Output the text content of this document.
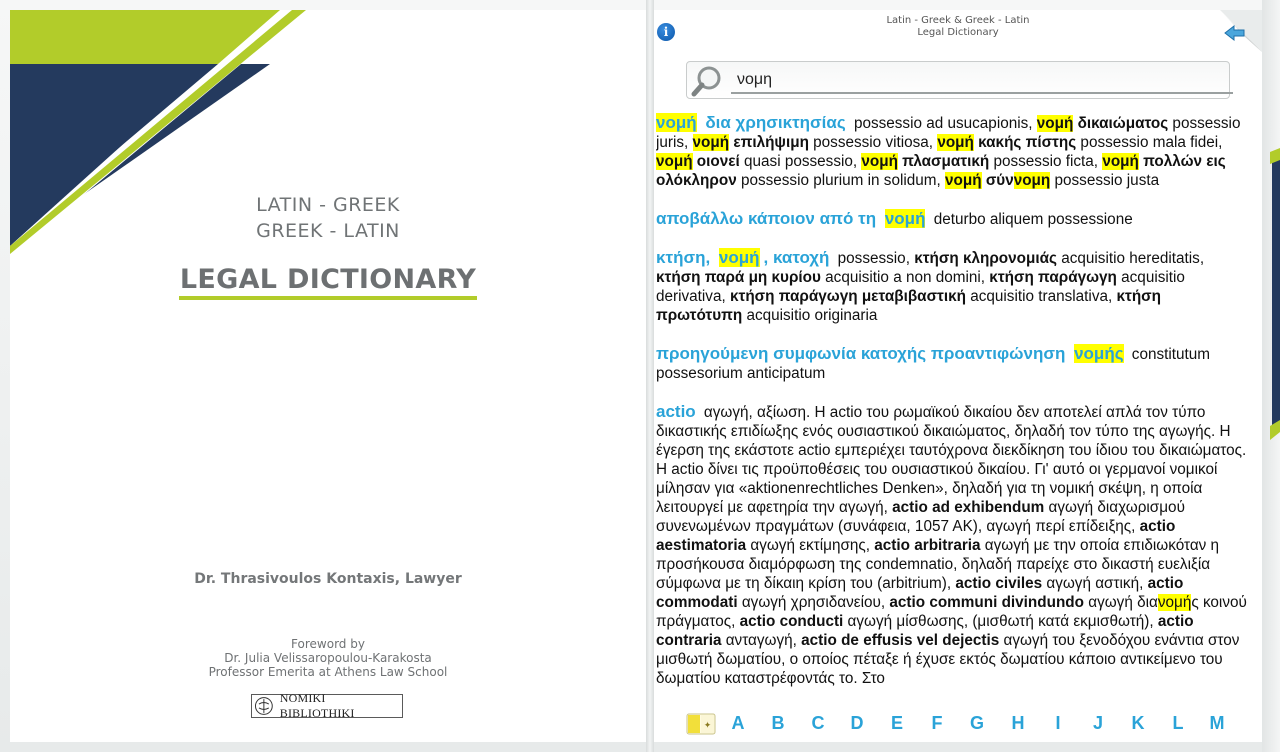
LATIN - GREEK
GREEK - LATIN
LEGAL DICTIONARY
Dr. Thrasivoulos Kontaxis, Lawyer
Foreword by
Dr. Julia Velissaropoulou-Karakosta
Professor Emerita at Athens Law School
NOMIKI BIBLIOTHIKI
i
Latin - Greek & Greek - Latin
Legal Dictionary
νομη
νομή δια χρησικτησίας possessio ad usucapionis, νομή δικαιώματος possessio juris, νομή επιλήψιμη possessio vitiosa, νομή κακής πίστης possessio mala fidei, νομή οιονεί quasi possessio, νομή πλασματική possessio ficta, νομή πολλών εις ολόκληρον possessio plurium in solidum, νομή σύννομη possessio justa
αποβάλλω κάποιον από τη νομή deturbo aliquem possessione
κτήση, νομή , κατοχή possessio, κτήση κληρονομιάς acquisitio hereditatis, κτήση παρά μη κυρίου acquisitio a non domini, κτήση παράγωγη acquisitio derivativa, κτήση παράγωγη μεταβιβαστική acquisitio translativa, κτήση πρωτότυπη acquisitio originaria
προηγούμενη συμφωνία κατοχής προαντιφώνηση νομής constitutum possesorium anticipatum
actio αγωγή, αξίωση. Η actio του ρωμαϊκού δικαίου δεν αποτελεί απλά τον τύπο δικαστικής επιδίωξης ενός ουσιαστικού δικαιώματος, δηλαδή τον τύπο της αγωγής. Η έγερση της εκάστοτε actio εμπεριέχει ταυτόχρονα διεκδίκηση του ίδιου του δικαιώματος. Η actio δίνει τις προϋποθέσεις του ουσιαστικού δικαίου. Γι' αυτό οι γερμανοί νομικοί μίλησαν για «aktionenrechtliches Denken», δηλαδή για τη νομική σκέψη, η οποία λειτουργεί με αφετηρία την αγωγή, actio ad exhibendum αγωγή διαχωρισμού συνενωμένων πραγμάτων (συνάφεια, 1057 ΑΚ), αγωγή περί επίδειξης, actio aestimatoria αγωγή εκτίμησης, actio arbitraria αγωγή με την οποία επιδιωκόταν η προσήκουσα διαμόρφωση της condemnatio, δηλαδή παρείχε στο δικαστή ευελιξία σύμφωνα με τη δίκαιη κρίση του (arbitrium), actio civiles αγωγή αστική, actio commodati αγωγή χρησιδανείου, actio communi divindundo αγωγή διανομής κοινού πράγματος, actio conducti αγωγή μίσθωσης, (μισθωτή κατά εκμισθωτή), actio contraria ανταγωγή, actio de effusis vel dejectis αγωγή του ξενοδόχου ενάντια στον μισθωτή δωματίου, ο οποίος πέταξε ή έχυσε εκτός δωματίου κάποιο αντικείμενο του δωματίου καταστρέφοντάς το. Στο
✦	A	B	C	D	E	F	G	H	I	J	K	L	M
